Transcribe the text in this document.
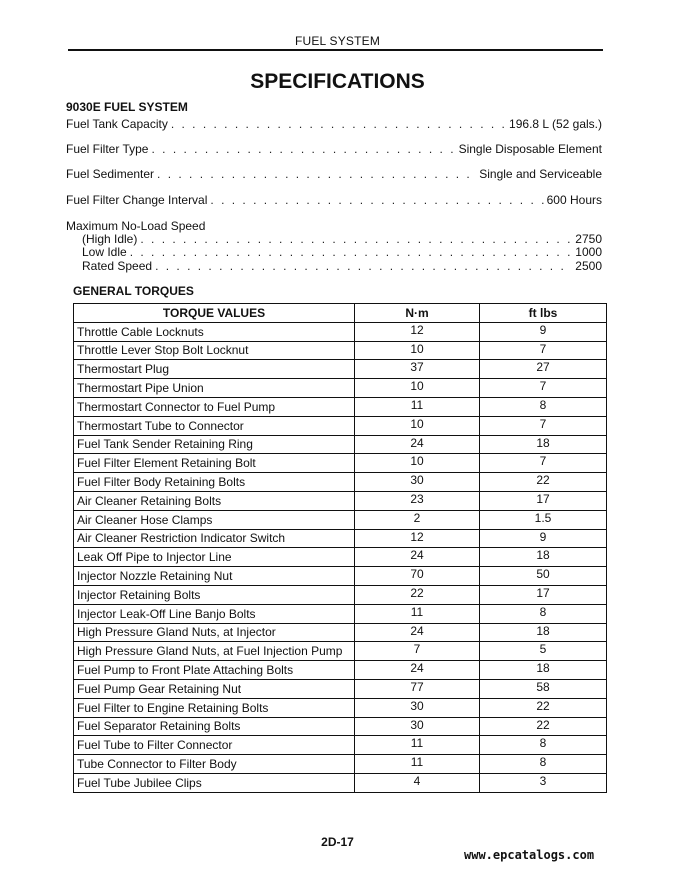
FUEL SYSTEM
SPECIFICATIONS
9030E FUEL SYSTEM
Fuel Tank Capacity . . .	196.8 L (52 gals.)
Fuel Filter Type . . .	Single Disposable Element
Fuel Sedimenter . . .	Single and Serviceable
Fuel Filter Change Interval . . .	600 Hours
Maximum No-Load Speed
(High Idle) . . .	2750
Low Idle . . .	1000
Rated Speed . . .	2500
GENERAL TORQUES
TORQUE VALUES	N·m	ft lbs
Throttle Cable Locknuts	12	9
Throttle Lever Stop Bolt Locknut	10	7
Thermostart Plug	37	27
Thermostart Pipe Union	10	7
Thermostart Connector to Fuel Pump	11	8
Thermostart Tube to Connector	10	7
Fuel Tank Sender Retaining Ring	24	18
Fuel Filter Element Retaining Bolt	10	7
Fuel Filter Body Retaining Bolts	30	22
Air Cleaner Retaining Bolts	23	17
Air Cleaner Hose Clamps	2	1.5
Air Cleaner Restriction Indicator Switch	12	9
Leak Off Pipe to Injector Line	24	18
Injector Nozzle Retaining Nut	70	50
Injector Retaining Bolts	22	17
Injector Leak-Off Line Banjo Bolts	11	8
High Pressure Gland Nuts, at Injector	24	18
High Pressure Gland Nuts, at Fuel Injection Pump	7	5
Fuel Pump to Front Plate Attaching Bolts	24	18
Fuel Pump Gear Retaining Nut	77	58
Fuel Filter to Engine Retaining Bolts	30	22
Fuel Separator Retaining Bolts	30	22
Fuel Tube to Filter Connector	11	8
Tube Connector to Filter Body	11	8
Fuel Tube Jubilee Clips	4	3
2D-17
www.epcatalogs.com
